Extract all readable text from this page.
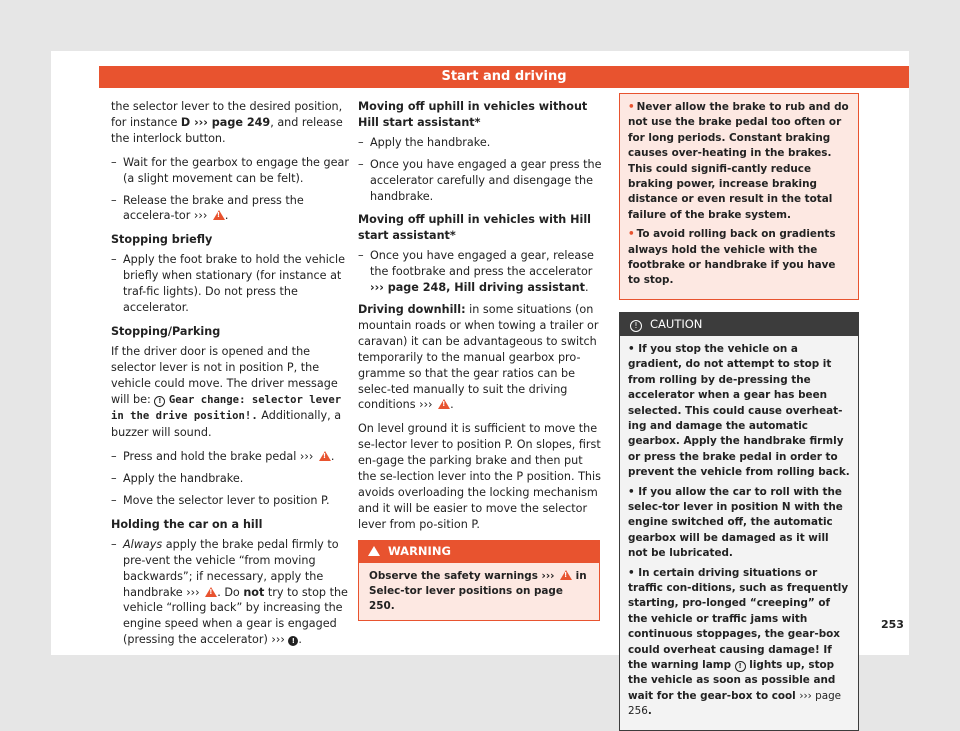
Start and driving

the selector lever to the desired position, for instance D ››› page 249, and release the interlock button.

– Wait for the gearbox to engage the gear (a slight movement can be felt).
– Release the brake and press the accelera-tor ››› ! .
Stopping briefly
– Apply the foot brake to hold the vehicle briefly when stationary (for instance at traf-fic lights). Do not press the accelerator.
Stopping/Parking

If the driver door is opened and the selector lever is not in position P, the vehicle could move. The driver message will be: ! Gear change: selector lever in the drive position!. Additionally, a buzzer will sound.

– Press and hold the brake pedal ››› ! .
– Apply the handbrake.
– Move the selector lever to position P.
Holding the car on a hill
– Always apply the brake pedal firmly to pre-vent the vehicle “from moving backwards”; if necessary, apply the handbrake ››› ! . Do not try to stop the vehicle “rolling back” by increasing the engine speed when a gear is engaged (pressing the accelerator) ››› ! .
Moving off uphill in vehicles without Hill start assistant*
– Apply the handbrake.
– Once you have engaged a gear press the accelerator carefully and disengage the handbrake.
Moving off uphill in vehicles with Hill start assistant*
– Once you have engaged a gear, release the footbrake and press the accelerator ››› page 248, Hill driving assistant.

Driving downhill: in some situations (on mountain roads or when towing a trailer or caravan) it can be advantageous to switch temporarily to the manual gearbox pro-gramme so that the gear ratios can be selec-ted manually to suit the driving conditions ››› ! .

On level ground it is sufficient to move the se-lector lever to position P. On slopes, first en-gage the parking brake and then put the se-lection lever into the P position. This avoids overloading the locking mechanism and it will be easier to move the selector lever from po-sition P.

WARNING
Observe the safety warnings ››› ! in Selec-tor lever positions on page 250.

• Never allow the brake to rub and do not use the brake pedal too often or for long periods. Constant braking causes over-heating in the brakes. This could signifi-cantly reduce braking power, increase braking distance or even result in the total failure of the brake system.

• To avoid rolling back on gradients always hold the vehicle with the footbrake or handbrake if you have to stop.

! CAUTION

• If you stop the vehicle on a gradient, do not attempt to stop it from rolling by de-pressing the accelerator when a gear has been selected. This could cause overheat-ing and damage the automatic gearbox. Apply the handbrake firmly or press the brake pedal in order to prevent the vehicle from rolling back.

• If you allow the car to roll with the selec-tor lever in position N with the engine switched off, the automatic gearbox will be damaged as it will not be lubricated.

• In certain driving situations or traffic con-ditions, such as frequently starting, pro-longed “creeping” of the vehicle or traffic jams with continuous stoppages, the gear-box could overheat causing damage! If the warning lamp ! lights up, stop the vehicle as soon as possible and wait for the gear-box to cool ››› page 256.

253
